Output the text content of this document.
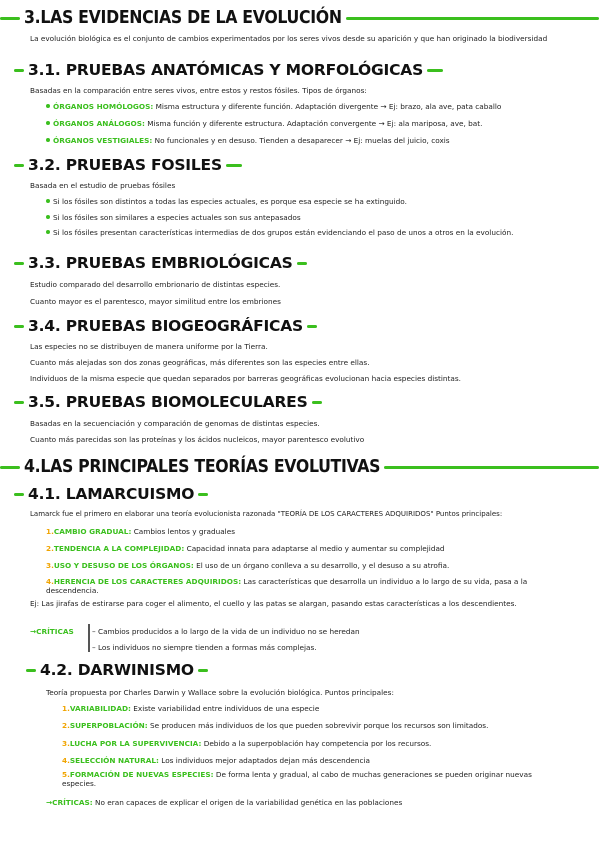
3.LAS EVIDENCIAS DE LA EVOLUCIÓN
La evolución biológica es el conjunto de cambios experimentados por los seres vivos desde su aparición y que han originado la biodiversidad
3.1. PRUEBAS ANATÓMICAS Y MORFOLÓGICAS
Basadas en la comparación entre seres vivos, entre estos y restos fósiles. Tipos de órganos:
ÓRGANOS HOMÓLOGOS: Misma estructura y diferente función. Adaptación divergente → Ej: brazo, ala ave, pata caballo
ÓRGANOS ANÁLOGOS: Misma función y diferente estructura. Adaptación convergente → Ej: ala mariposa, ave, bat.
ÓRGANOS VESTIGIALES: No funcionales y en desuso. Tienden a desaparecer → Ej: muelas del juicio, coxis
3.2. PRUEBAS FOSILES
Basada en el estudio de pruebas fósiles
Si los fósiles son distintos a todas las especies actuales, es porque esa especie se ha extinguido.
Si los fósiles son similares a especies actuales son sus antepasados
Si los fósiles presentan características intermedias de dos grupos están evidenciando el paso de unos a otros en la evolución.
3.3. PRUEBAS EMBRIOLÓGICAS
Estudio comparado del desarrollo embrionario de distintas especies.
Cuanto mayor es el parentesco, mayor similitud entre los embriones
3.4. PRUEBAS BIOGEOGRÁFICAS
Las especies no se distribuyen de manera uniforme por la Tierra.
Cuanto más alejadas son dos zonas geográficas, más diferentes son las especies entre ellas.
Individuos de la misma especie que quedan separados por barreras geográficas evolucionan hacia especies distintas.
3.5. PRUEBAS BIOMOLECULARES
Basadas en la secuenciación y comparación de genomas de distintas especies.
Cuanto más parecidas son las proteínas y los ácidos nucleicos, mayor parentesco evolutivo
4.LAS PRINCIPALES TEORÍAS EVOLUTIVAS
4.1. LAMARCUISMO
Lamarck fue el primero en elaborar una teoría evolucionista razonada "TEORÍA DE LOS CARACTERES ADQUIRIDOS" Puntos principales:
1.CAMBIO GRADUAL: Cambios lentos y graduales
2.TENDENCIA A LA COMPLEJIDAD: Capacidad innata para adaptarse al medio y aumentar su complejidad
3.USO Y DESUSO DE LOS ÓRGANOS: El uso de un órgano conlleva a su desarrollo, y el desuso a su atrofia.
4.HERENCIA DE LOS CARACTERES ADQUIRIDOS: Las características que desarrolla un individuo a lo largo de su vida, pasa a la descendencia.
Ej: Las jirafas de estirarse para coger el alimento, el cuello y las patas se alargan, pasando estas características a los descendientes.
→CRÍTICAS – Cambios producidos a lo largo de la vida de un individuo no se heredan
– Los individuos no siempre tienden a formas más complejas.
4.2. DARWINISMO
Teoría propuesta por Charles Darwin y Wallace sobre la evolución biológica. Puntos principales:
1.VARIABILIDAD: Existe variabilidad entre individuos de una especie
2.SUPERPOBLACIÓN: Se producen más individuos de los que pueden sobrevivir porque los recursos son limitados.
3.LUCHA POR LA SUPERVIVENCIA: Debido a la superpoblación hay competencia por los recursos.
4.SELECCIÓN NATURAL: Los individuos mejor adaptados dejan más descendencia
5.FORMACIÓN DE NUEVAS ESPECIES: De forma lenta y gradual, al cabo de muchas generaciones se pueden originar nuevas especies.
→CRÍTICAS: No eran capaces de explicar el origen de la variabilidad genética en las poblaciones
